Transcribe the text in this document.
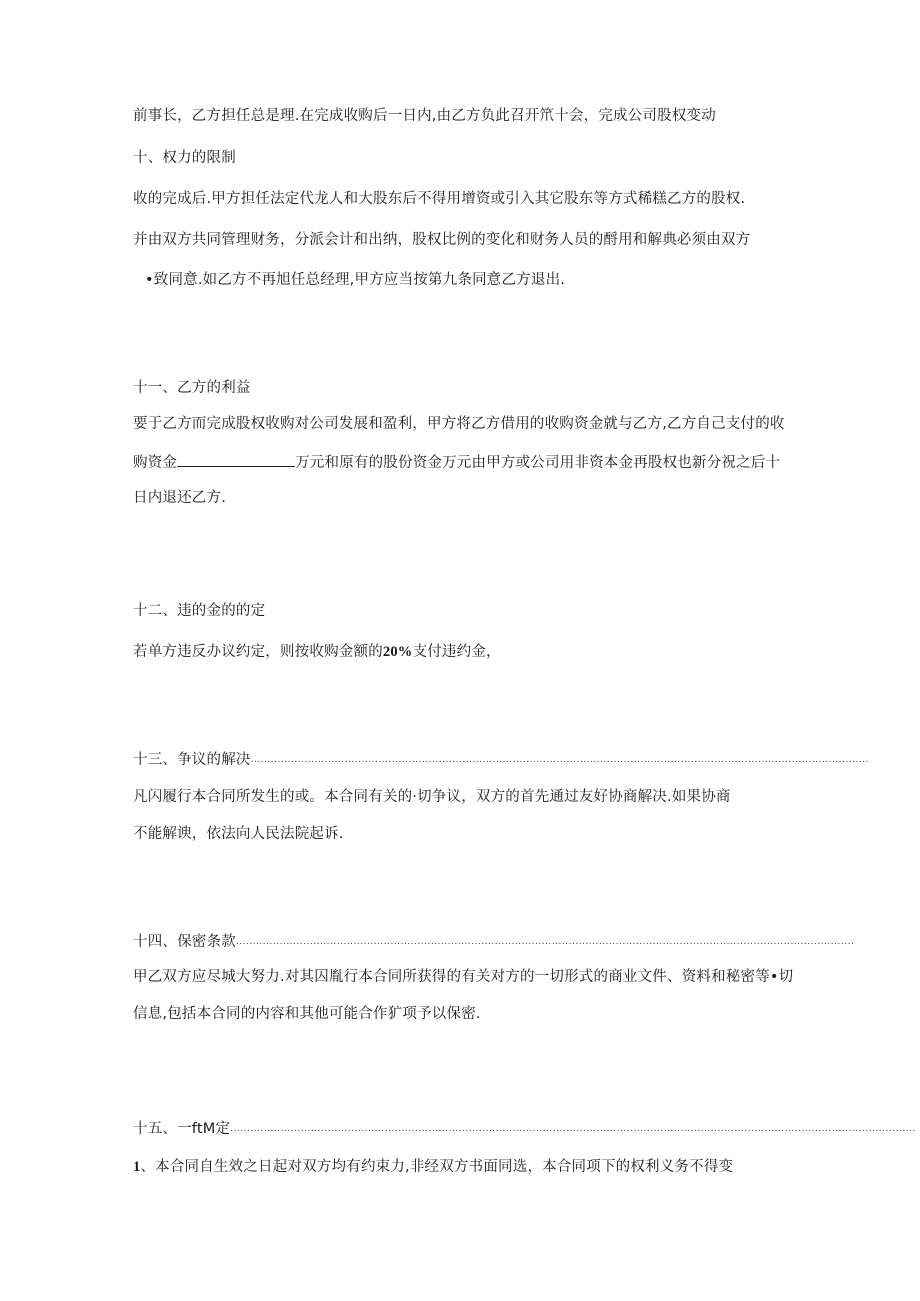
前事长，乙方担任总是理.在完成收购后一日内,由乙方负此召开笊十会，完成公司股权变动
十、权力的限制
收的完成后.甲方担任法定代龙人和大股东后不得用增资或引入其它股东等方式稀糕乙方的股权.
并由双方共同管理财务，分派会计和出纳，股权比例的变化和财务人员的酹用和解典必须由双方
•致同意.如乙方不再旭任总经理,甲方应当按第九条同意乙方退出.
十一、乙方的利益
要于乙方而完成股权收购对公司发展和盈利，甲方将乙方借用的收购资金就与乙方,乙方自己支付的收
购资金	万元和原有的股份资金万元由甲方或公司用非资本金再股权也新分祝之后十
日内退还乙方.
十二、违的金的的定
若单方违反办议约定，则按收购金额的20%支付违约金，
十三、争议的解决........................................................................................................................................................................................
凡闪履行本合同所发生的或。本合同有关的·切争议，双方的首先通过友好协商解决.如果协商
不能解谀，依法向人民法院起诉.
十四、保密条款........................................................................................................................................................................................
甲乙双方应尽城大努力.对其囚胤行本合同所获得的有关对方的一切形式的商业文件、资料和秘密等•切
信息,包括本合同的内容和其他可能合作犷项予以保密.
十五、一ftM定............................................................................................................................................................................................................
1、本合同自生效之日起对双方均有约束力,非经双方书面同选，本合同项下的权利义务不得变
